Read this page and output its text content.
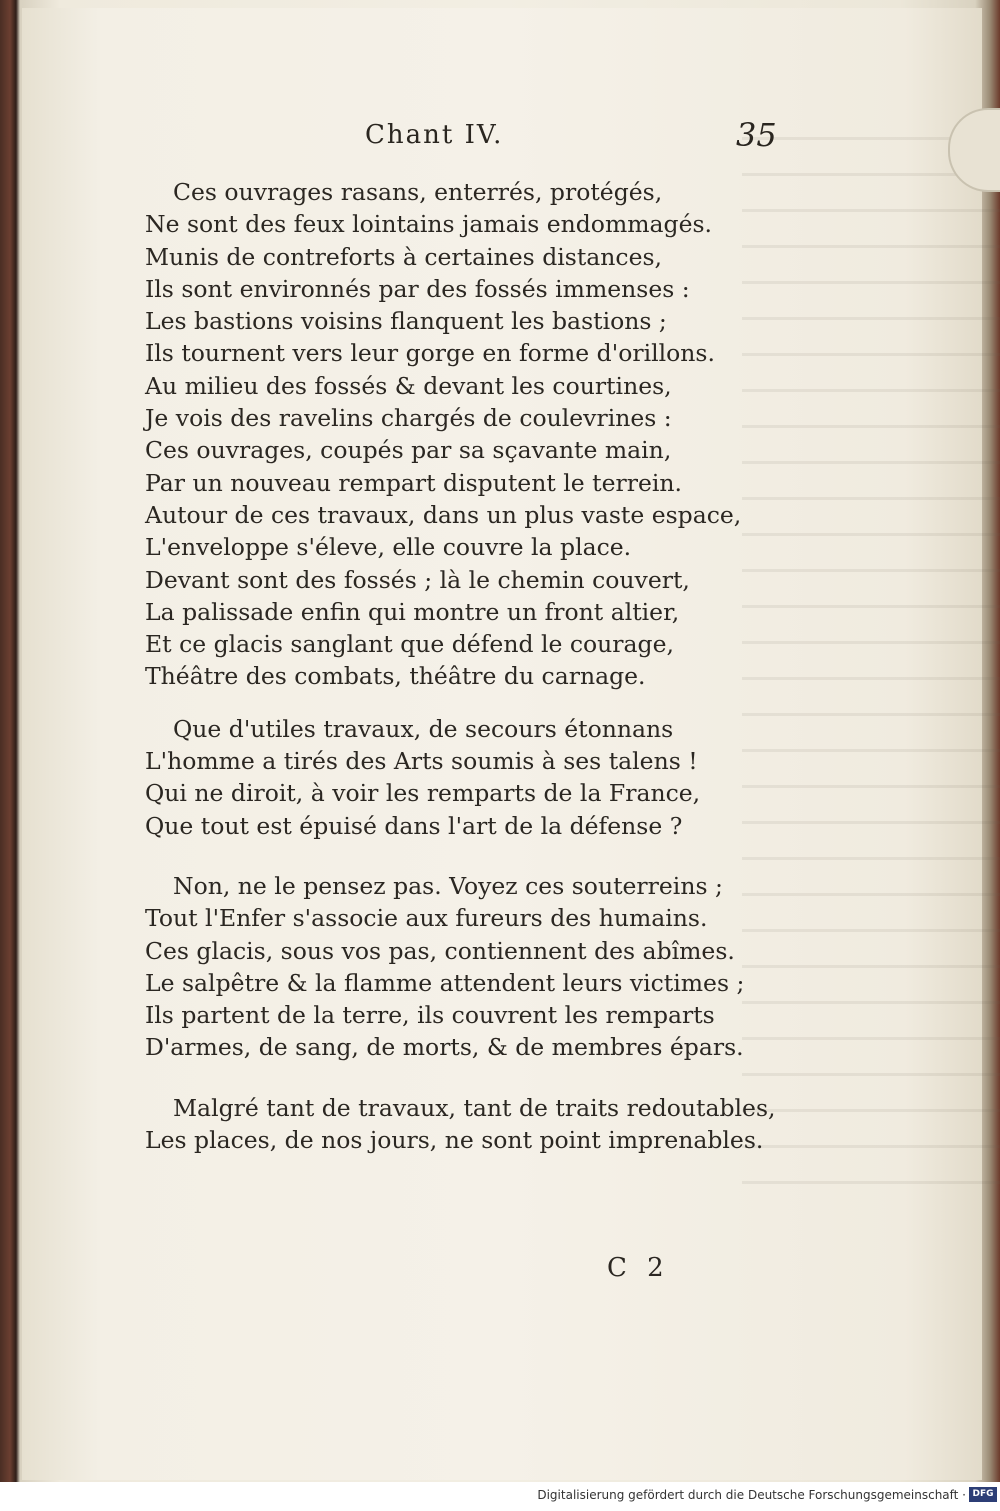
Chant IV.	35
Ces ouvrages rasans, enterrés, protégés,
Ne sont des feux lointains jamais endommagés.
Munis de contreforts à certaines distances,
Ils sont environnés par des fossés immenses :
Les bastions voisins flanquent les bastions ;
Ils tournent vers leur gorge en forme d'orillons.
Au milieu des fossés & devant les courtines,
Je vois des ravelins chargés de coulevrines :
Ces ouvrages, coupés par sa sçavante main,
Par un nouveau rempart disputent le terrein.
Autour de ces travaux, dans un plus vaste espace,
L'enveloppe s'éleve, elle couvre la place.
Devant sont des fossés ; là le chemin couvert,
La palissade enfin qui montre un front altier,
Et ce glacis sanglant que défend le courage,
Théâtre des combats, théâtre du carnage.
Que d'utiles travaux, de secours étonnans
L'homme a tirés des Arts soumis à ses talens !
Qui ne diroit, à voir les remparts de la France,
Que tout est épuisé dans l'art de la défense ?
Non, ne le pensez pas. Voyez ces souterreins ;
Tout l'Enfer s'associe aux fureurs des humains.
Ces glacis, sous vos pas, contiennent des abîmes.
Le salpêtre & la flamme attendent leurs victimes ;
Ils partent de la terre, ils couvrent les remparts
D'armes, de sang, de morts, & de membres épars.
Malgré tant de travaux, tant de traits redoutables,
Les places, de nos jours, ne sont point imprenables.
C 2
Digitalisierung gefördert durch die Deutsche Forschungsgemeinschaft · DFG
